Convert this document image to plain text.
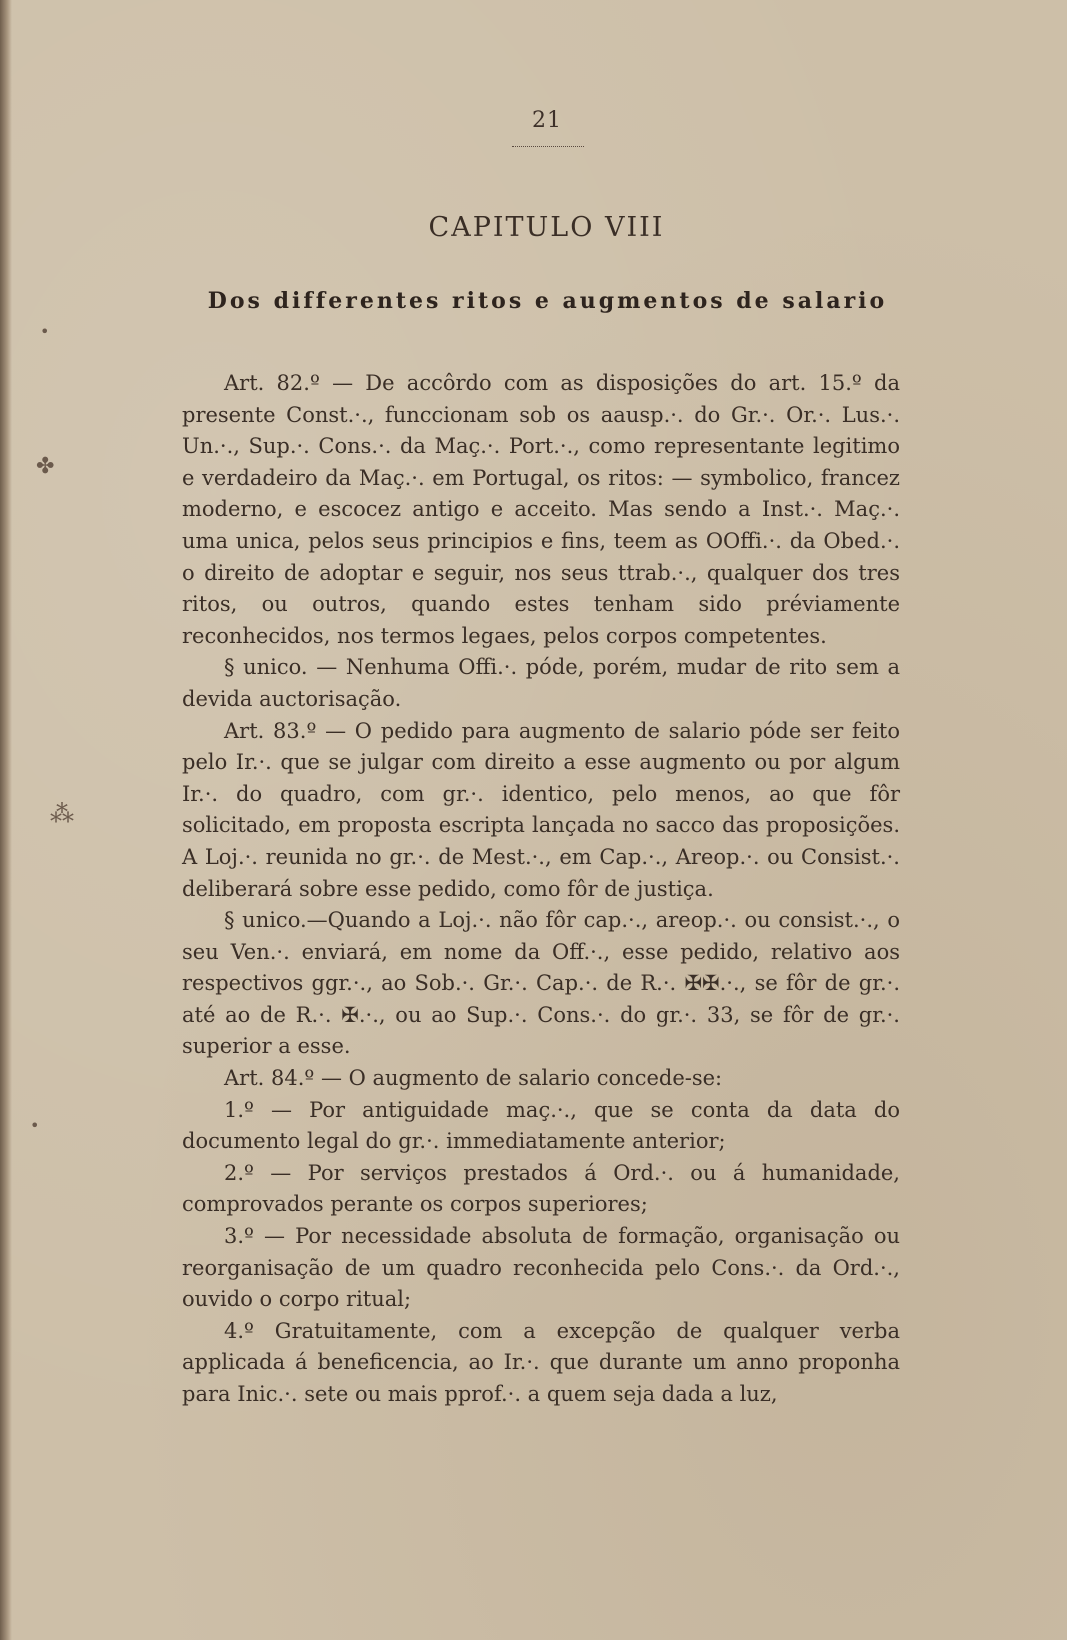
•
✤
⁂
•
21
CAPITULO VIII
Dos differentes ritos e augmentos de salario

Art. 82.º — De accôrdo com as disposições do art. 15.º da presente Const.·., funccionam sob os aausp.·. do Gr.·. Or.·. Lus.·. Un.·., Sup.·. Cons.·. da Maç.·. Port.·., como representante legitimo e verdadeiro da Maç.·. em Portugal, os ritos: — symbolico, francez moderno, e escocez antigo e acceito. Mas sendo a Inst.·. Maç.·. uma unica, pelos seus principios e fins, teem as OOffi.·. da Obed.·. o direito de adoptar e seguir, nos seus ttrab.·., qualquer dos tres ritos, ou outros, quando estes tenham sido préviamente reconhecidos, nos termos legaes, pelos corpos competentes.

§ unico. — Nenhuma Offi.·. póde, porém, mudar de rito sem a devida auctorisação.

Art. 83.º — O pedido para augmento de salario póde ser feito pelo Ir.·. que se julgar com direito a esse augmento ou por algum Ir.·. do quadro, com gr.·. identico, pelo menos, ao que fôr solicitado, em proposta escripta lançada no sacco das proposições. A Loj.·. reunida no gr.·. de Mest.·., em Cap.·., Areop.·. ou Consist.·. deliberará sobre esse pedido, como fôr de justiça.

§ unico.—Quando a Loj.·. não fôr cap.·., areop.·. ou consist.·., o seu Ven.·. enviará, em nome da Off.·., esse pedido, relativo aos respectivos ggr.·., ao Sob.·. Gr.·. Cap.·. de R.·. ✠✠.·., se fôr de gr.·. até ao de R.·. ✠.·., ou ao Sup.·. Cons.·. do gr.·. 33, se fôr de gr.·. superior a esse.

Art. 84.º — O augmento de salario concede-se:

1.º — Por antiguidade maç.·., que se conta da data do documento legal do gr.·. immediatamente anterior;

2.º — Por serviços prestados á Ord.·. ou á humanidade, comprovados perante os corpos superiores;

3.º — Por necessidade absoluta de formação, organisação ou reorganisação de um quadro reconhecida pelo Cons.·. da Ord.·., ouvido o corpo ritual;

4.º Gratuitamente, com a excepção de qualquer verba applicada á beneficencia, ao Ir.·. que durante um anno proponha para Inic.·. sete ou mais pprof.·. a quem seja dada a luz,
